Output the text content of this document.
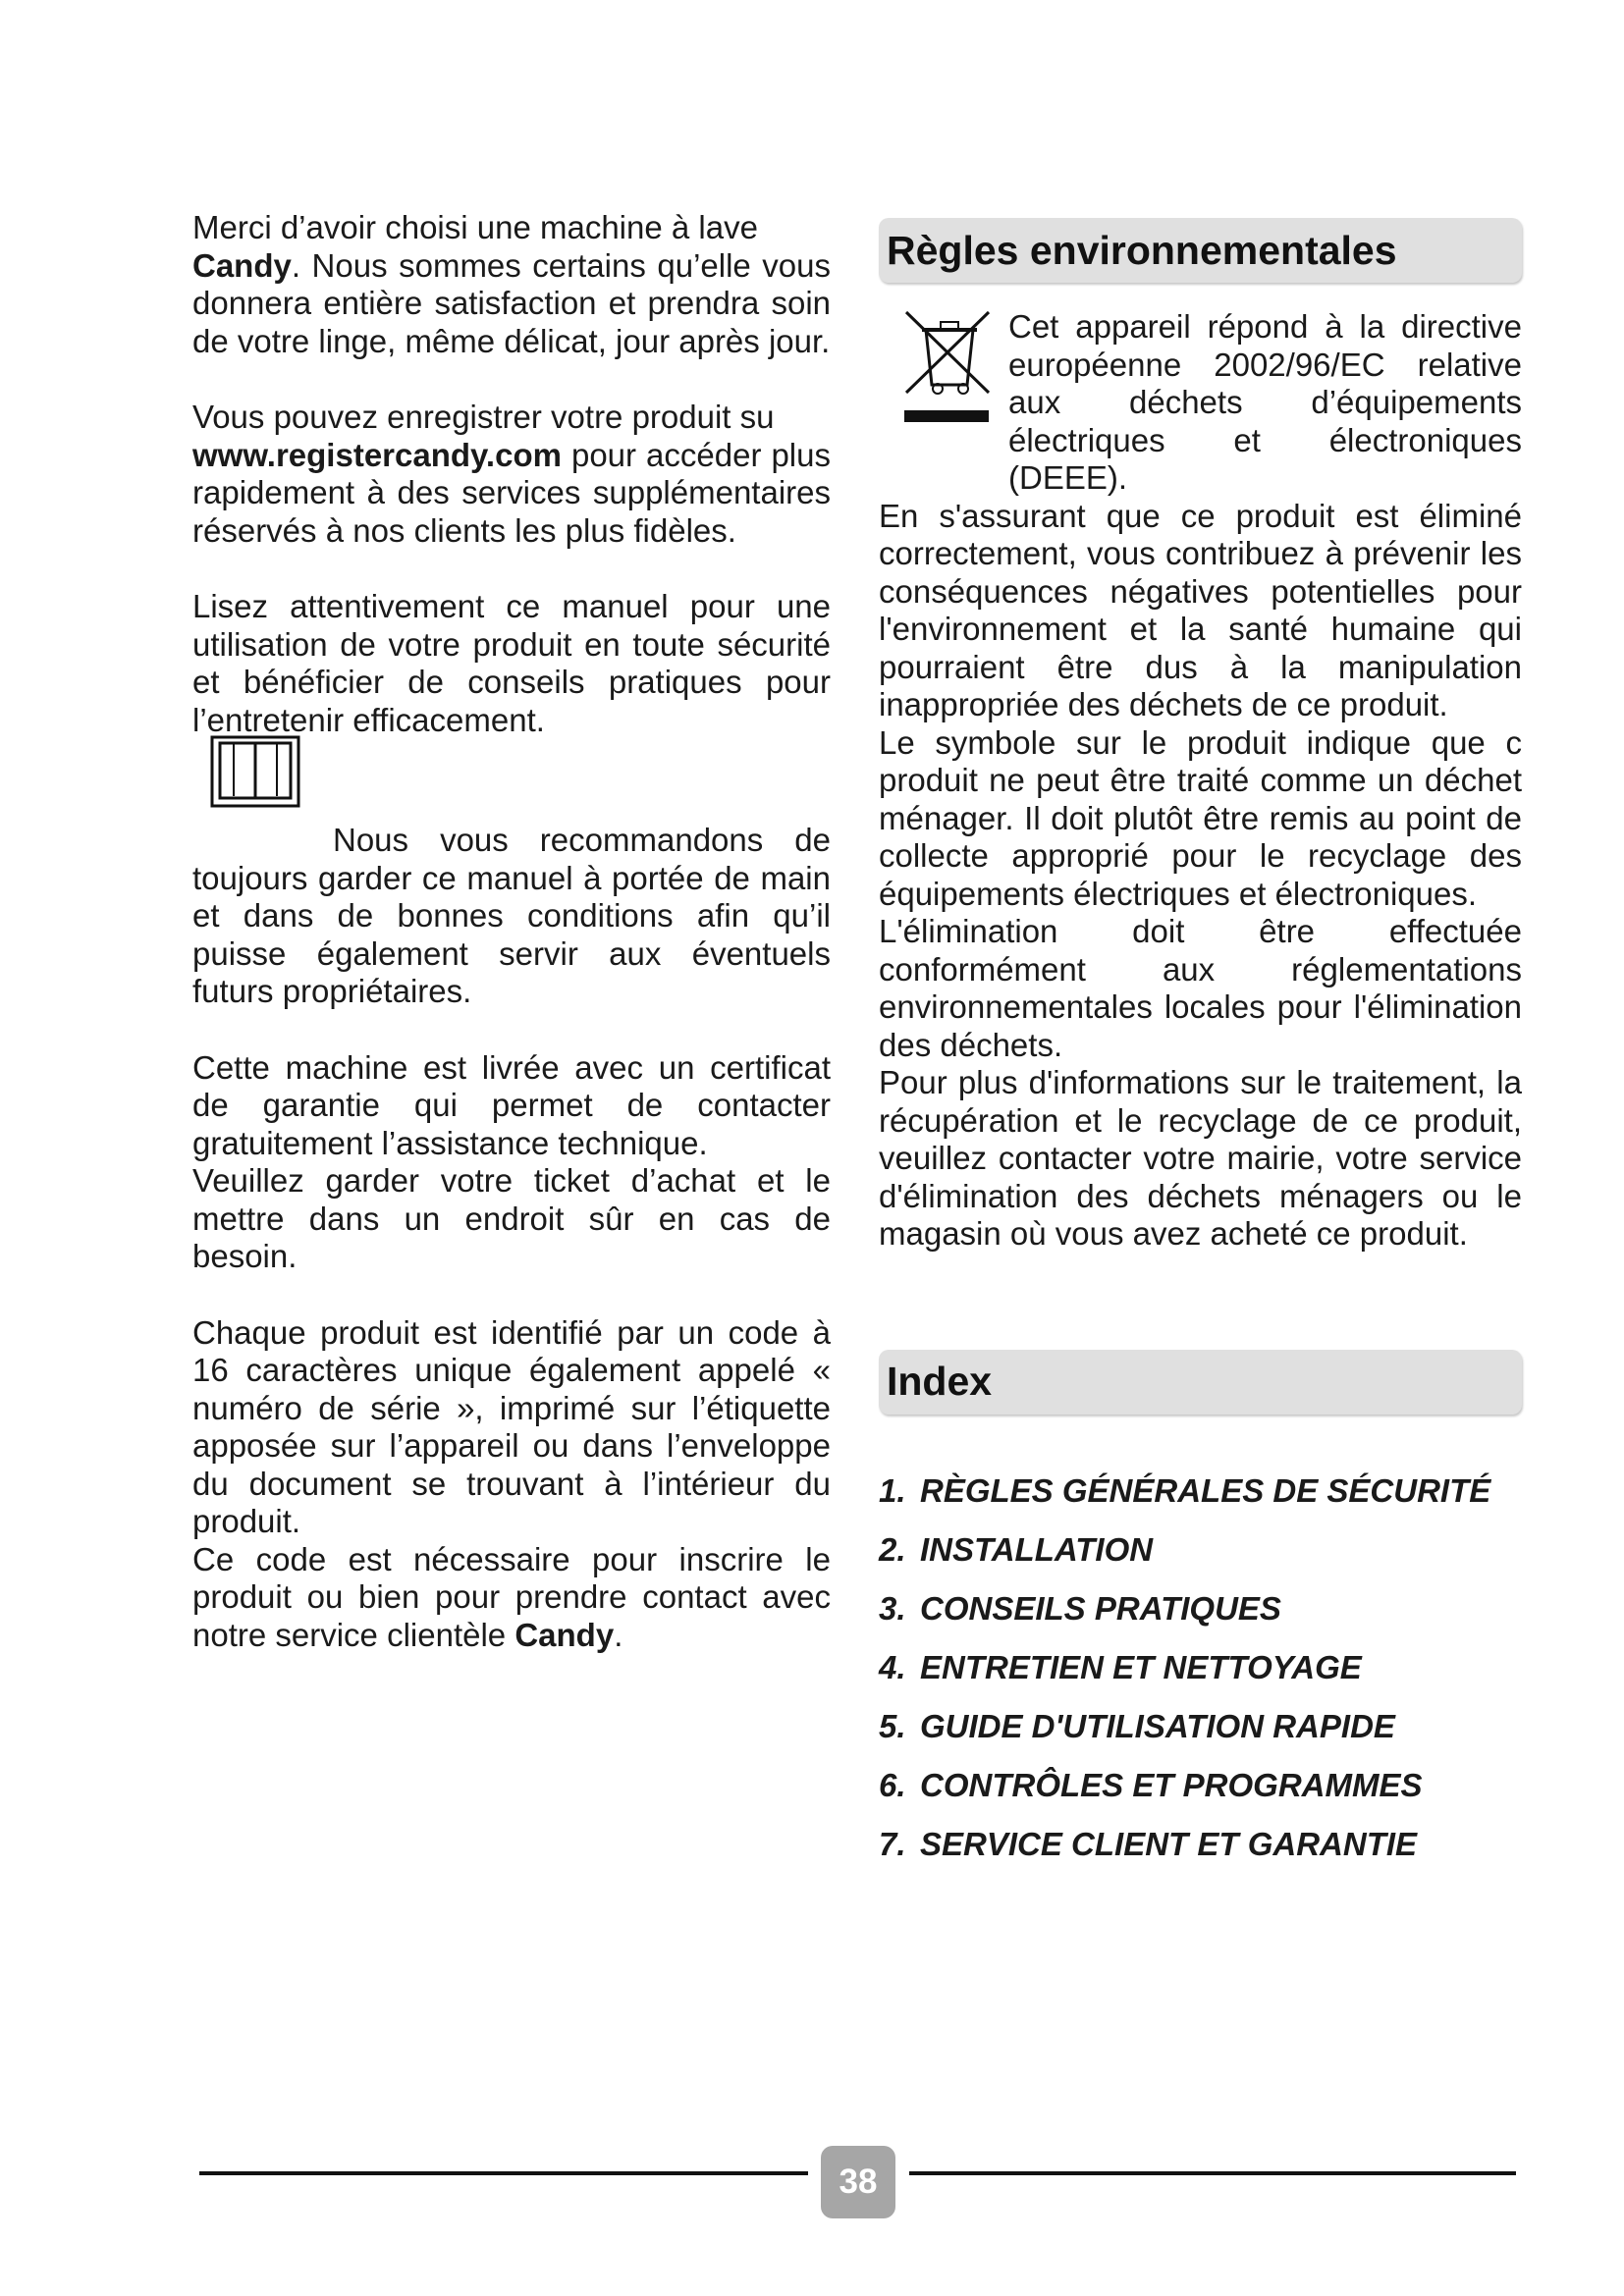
Merci d’avoir choisi une machine à lave
Candy. Nous sommes certains qu’elle vous donnera entière satisfaction et prendra soin de votre linge, même délicat, jour après jour.

Vous pouvez enregistrer votre produit su
www.registercandy.com pour accéder plus rapidement à des services supplémentaires réservés à nos clients les plus fidèles.

Lisez attentivement ce manuel pour une utilisation de votre produit en toute sécurité et bénéficier de conseils pratiques pour l’entretenir efficacement.

Nous vous recommandons de toujours garder ce manuel à portée de main et dans de bonnes conditions afin qu’il puisse également servir aux éventuels futurs propriétaires.

Cette machine est livrée avec un certificat de garantie qui permet de contacter gratuitement l’assistance technique.

Veuillez garder votre ticket d’achat et le mettre dans un endroit sûr en cas de besoin.

Chaque produit est identifié par un code à 16 caractères unique également appelé « numéro de série », imprimé sur l’étiquette apposée sur l’appareil ou dans l’enveloppe du document se trouvant à l’intérieur du produit.

Ce code est nécessaire pour inscrire le produit ou bien pour prendre contact avec notre service clientèle Candy.

Règles environnementales

Cet appareil répond à la directive européenne 2002/96/EC relative aux déchets d’équipements électriques et électroniques (DEEE).

En s'assurant que ce produit est éliminé correctement, vous contribuez à prévenir les conséquences négatives potentielles pour l'environnement et la santé humaine qui pourraient être dus à la manipulation inappropriée des déchets de ce produit.

Le symbole sur le produit indique que c produit ne peut être traité comme un déchet ménager. Il doit plutôt être remis au point de collecte approprié pour le recyclage des équipements électriques et électroniques.

L'élimination doit être effectuée conformément aux réglementations environnementales locales pour l'élimination des déchets.

Pour plus d'informations sur le traitement, la récupération et le recyclage de ce produit, veuillez contacter votre mairie, votre service d'élimination des déchets ménagers ou le magasin où vous avez acheté ce produit.

Index
1. RÈGLES GÉNÉRALES DE SÉCURITÉ
2. INSTALLATION
3. CONSEILS PRATIQUES
4. ENTRETIEN ET NETTOYAGE
5. GUIDE D'UTILISATION RAPIDE
6. CONTRÔLES ET PROGRAMMES
7. SERVICE CLIENT ET GARANTIE
38
